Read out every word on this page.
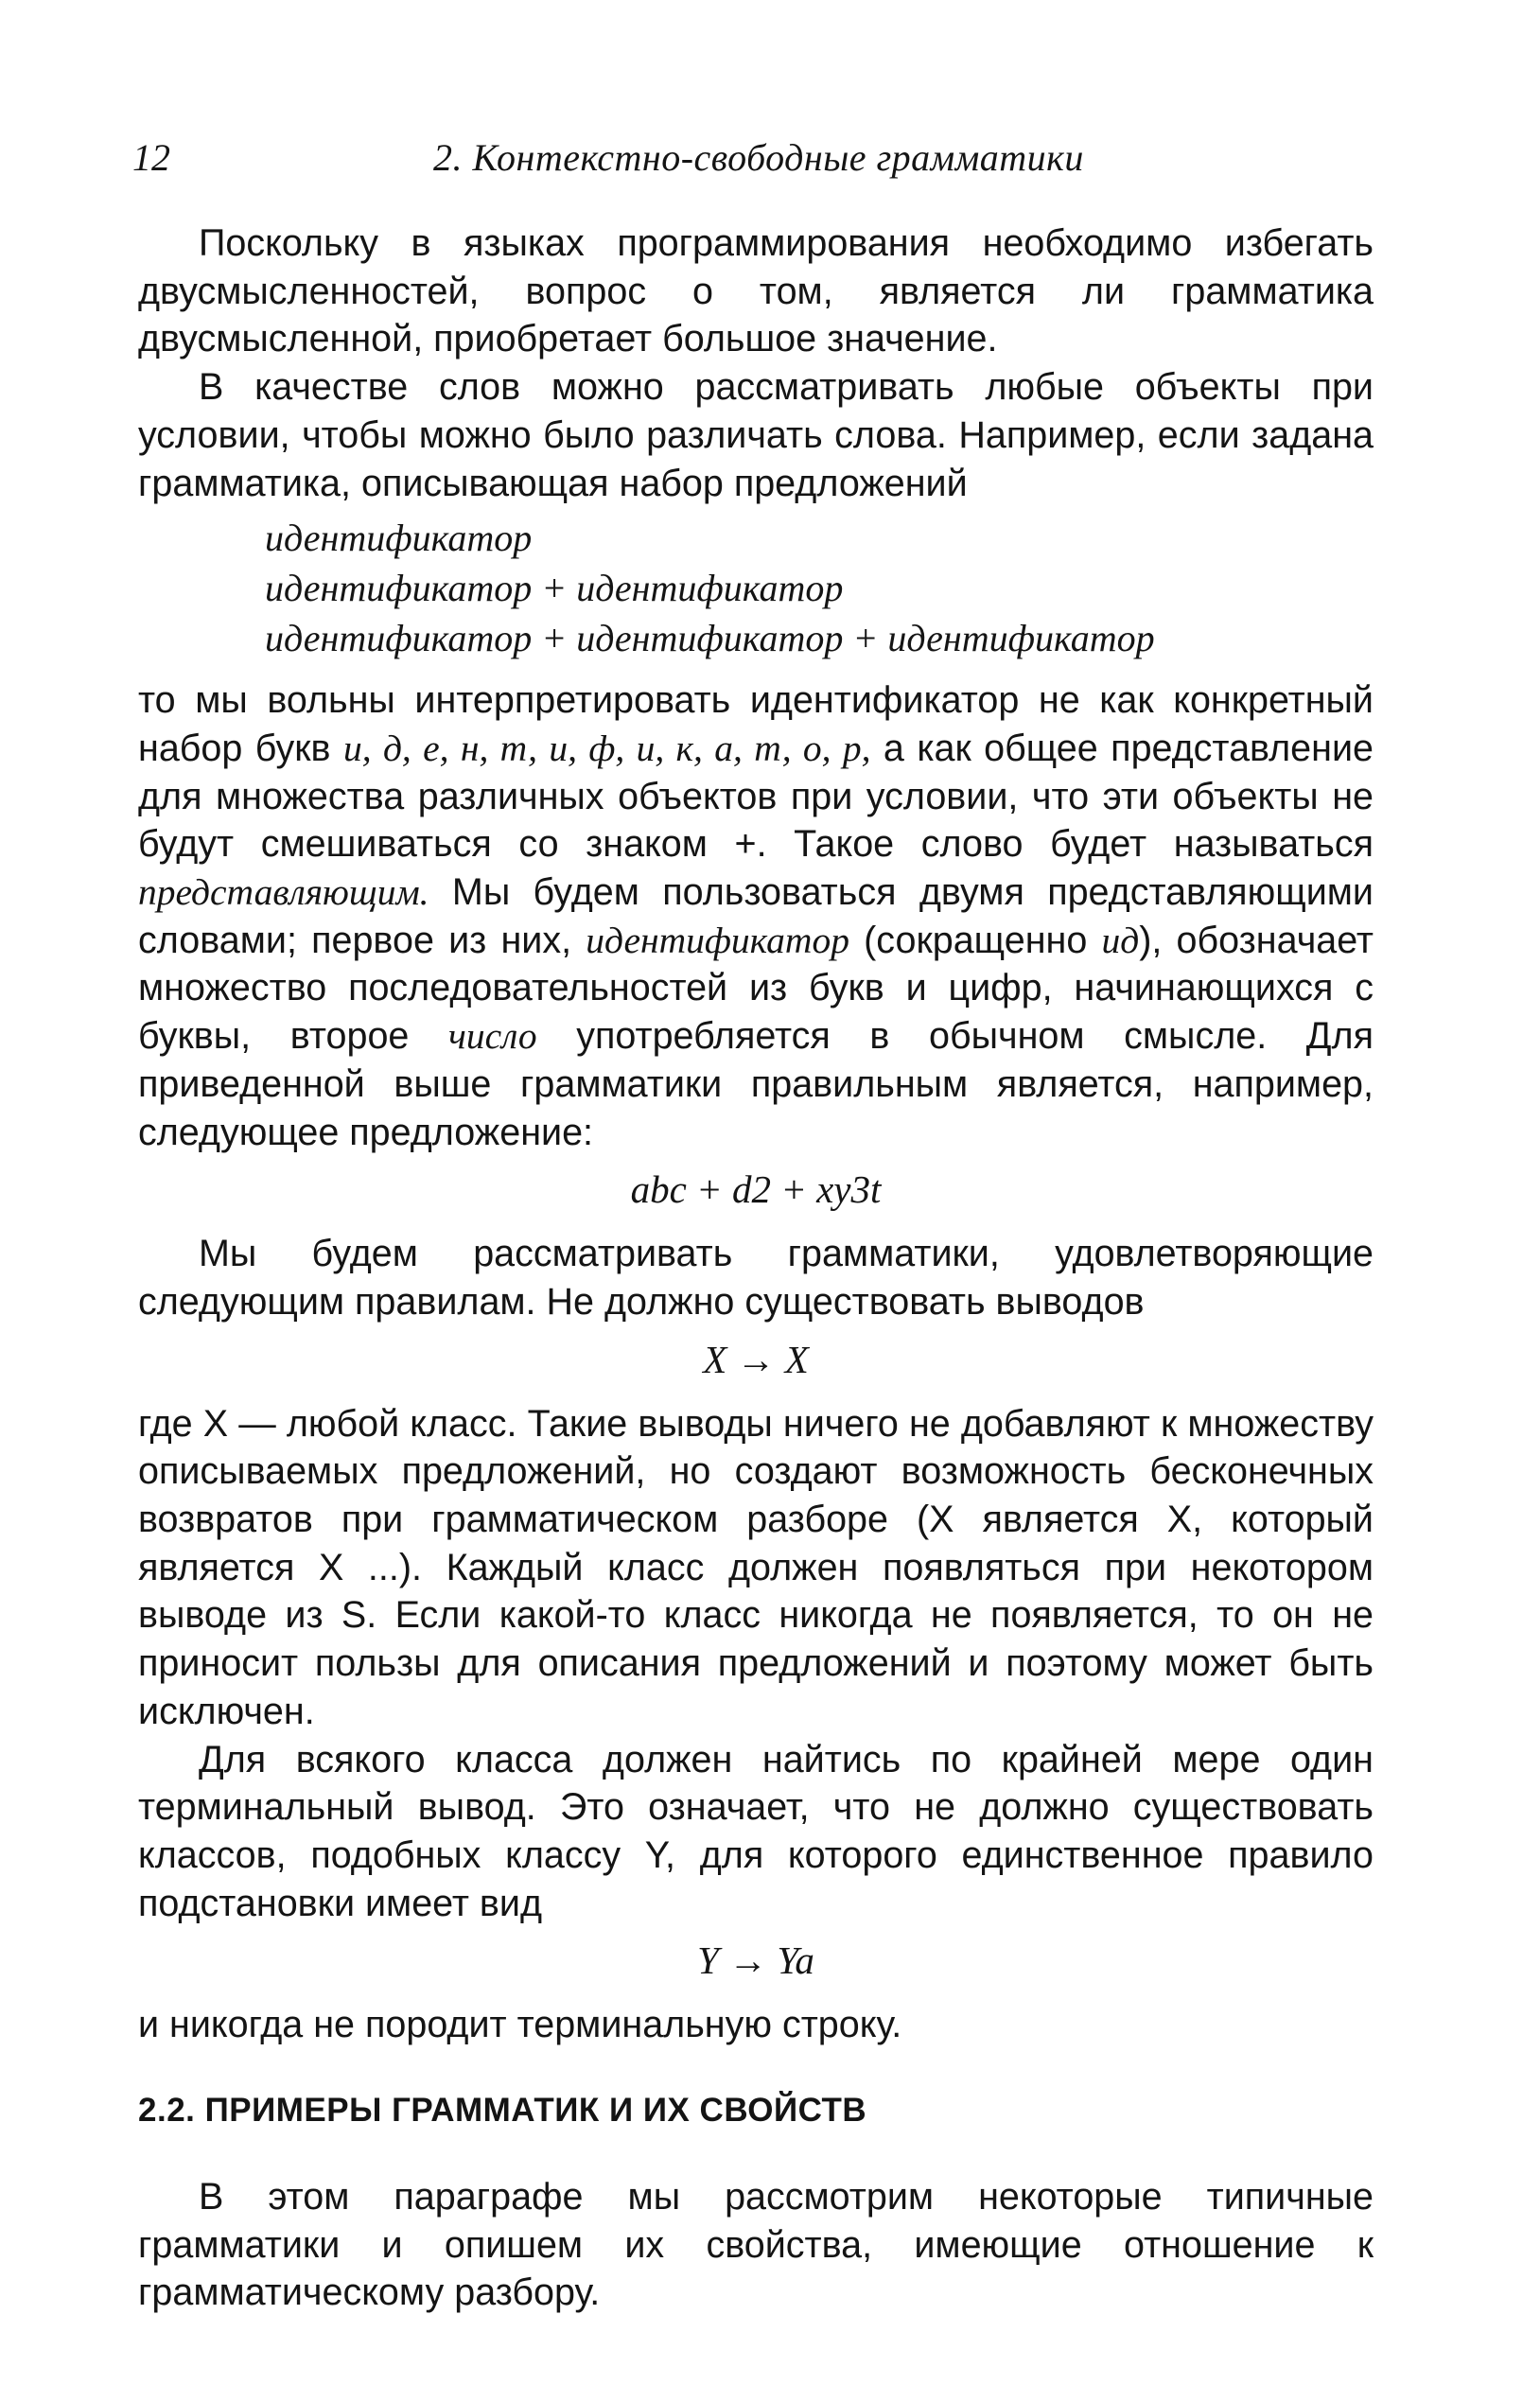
12	2. Контекстно-свободные грамматики

Поскольку в языках программирования необходимо избегать двусмысленностей, вопрос о том, является ли грамматика двусмысленной, приобретает большое значение.

В качестве слов можно рассматривать любые объекты при условии, чтобы можно было различать слова. Например, если задана грамматика, описывающая набор предложений

идентификатор
идентификатор + идентификатор
идентификатор + идентификатор + идентификатор

то мы вольны интерпретировать идентификатор не как конкретный набор букв и, д, е, н, т, и, ф, и, к, а, т, о, р, а как общее представление для множества различных объектов при условии, что эти объекты не будут смешиваться со знаком +. Такое слово будет называться представляющим. Мы будем пользоваться двумя представляющими словами; первое из них, идентификатор (сокращенно ид), обозначает множество последовательностей из букв и цифр, начинающихся с буквы, второе число употребляется в обычном смысле. Для приведенной выше грамматики правильным является, например, следующее предложение:

abc + d2 + xy3t

Мы будем рассматривать грамматики, удовлетворяющие следующим правилам. Не должно существовать выводов

X → X

где X — любой класс. Такие выводы ничего не добавляют к множеству описываемых предложений, но создают возможность бесконечных возвратов при грамматическом разборе (X является X, который является X ...). Каждый класс должен появляться при некотором выводе из S. Если какой-то класс никогда не появляется, то он не приносит пользы для описания предложений и поэтому может быть исключен.

Для всякого класса должен найтись по крайней мере один терминальный вывод. Это означает, что не должно существовать классов, подобных классу Y, для которого единственное правило подстановки имеет вид

Y → Ya

и никогда не породит терминальную строку.

2.2. ПРИМЕРЫ ГРАММАТИК И ИХ СВОЙСТВ

В этом параграфе мы рассмотрим некоторые типичные грамматики и опишем их свойства, имеющие отношение к грамматическому разбору.
